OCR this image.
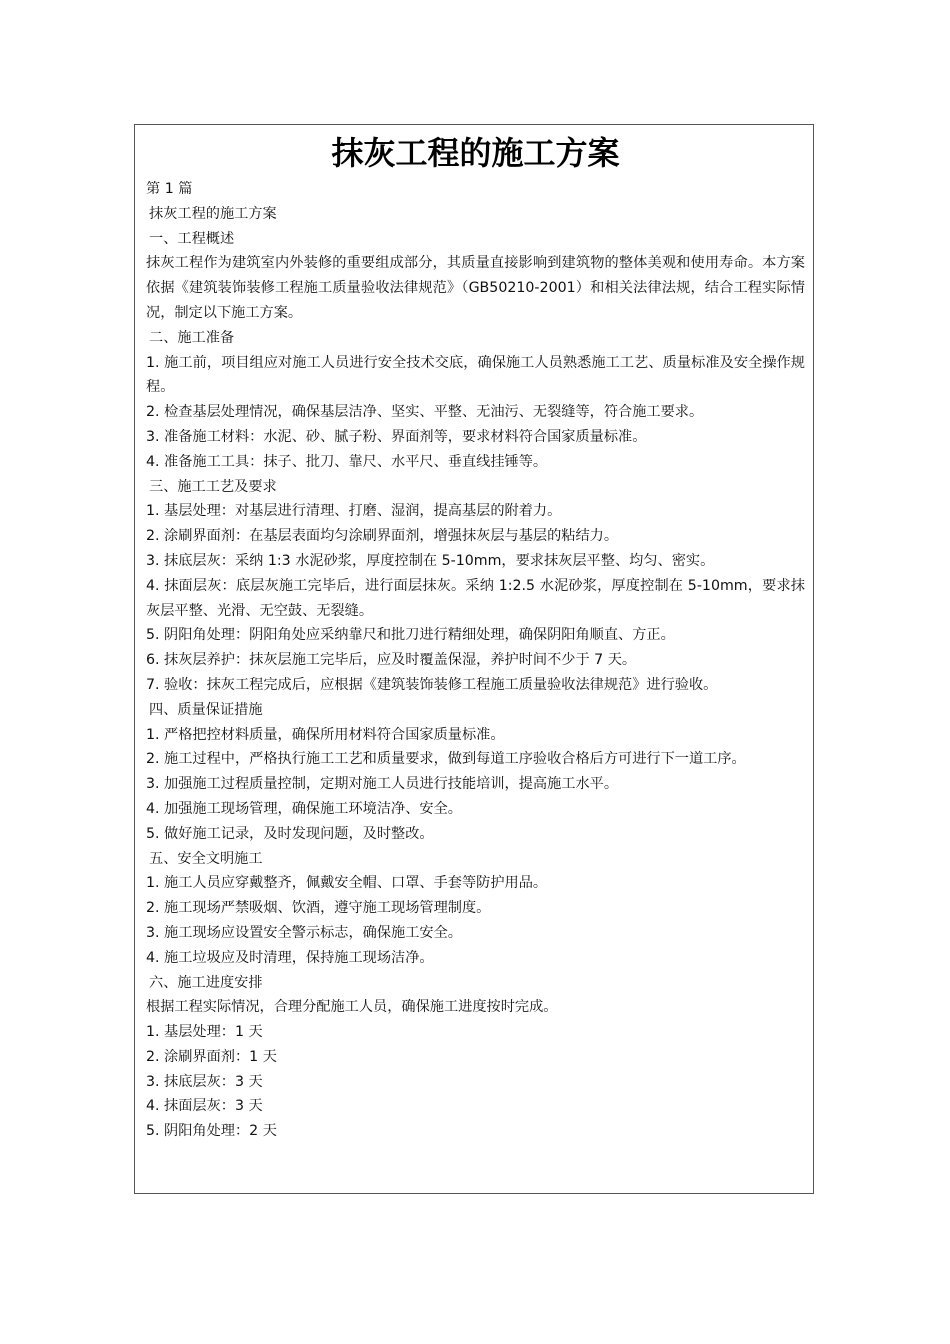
抹灰工程的施工方案

第 1 篇

抹灰工程的施工方案

一、工程概述

抹灰工程作为建筑室内外装修的重要组成部分，其质量直接影响到建筑物的整体美观和使用寿命。本方案依据《建筑装饰装修工程施工质量验收法律规范》（GB50210-2001）和相关法律法规，结合工程实际情况，制定以下施工方案。

二、施工准备

1. 施工前，项目组应对施工人员进行安全技术交底，确保施工人员熟悉施工工艺、质量标准及安全操作规程。

2. 检查基层处理情况，确保基层洁净、坚实、平整、无油污、无裂缝等，符合施工要求。

3. 准备施工材料：水泥、砂、腻子粉、界面剂等，要求材料符合国家质量标准。

4. 准备施工工具：抹子、批刀、靠尺、水平尺、垂直线挂锤等。

三、施工工艺及要求

1. 基层处理：对基层进行清理、打磨、湿润，提高基层的附着力。

2. 涂刷界面剂：在基层表面均匀涂刷界面剂，增强抹灰层与基层的粘结力。

3. 抹底层灰：采纳 1:3 水泥砂浆，厚度控制在 5-10mm，要求抹灰层平整、均匀、密实。

4. 抹面层灰：底层灰施工完毕后，进行面层抹灰。采纳 1:2.5 水泥砂浆，厚度控制在 5-10mm，要求抹灰层平整、光滑、无空鼓、无裂缝。

5. 阴阳角处理：阴阳角处应采纳靠尺和批刀进行精细处理，确保阴阳角顺直、方正。

6. 抹灰层养护：抹灰层施工完毕后，应及时覆盖保湿，养护时间不少于 7 天。

7. 验收：抹灰工程完成后，应根据《建筑装饰装修工程施工质量验收法律规范》进行验收。

四、质量保证措施

1. 严格把控材料质量，确保所用材料符合国家质量标准。

2. 施工过程中，严格执行施工工艺和质量要求，做到每道工序验收合格后方可进行下一道工序。

3. 加强施工过程质量控制，定期对施工人员进行技能培训，提高施工水平。

4. 加强施工现场管理，确保施工环境洁净、安全。

5. 做好施工记录，及时发现问题，及时整改。

五、安全文明施工

1. 施工人员应穿戴整齐，佩戴安全帽、口罩、手套等防护用品。

2. 施工现场严禁吸烟、饮酒，遵守施工现场管理制度。

3. 施工现场应设置安全警示标志，确保施工安全。

4. 施工垃圾应及时清理，保持施工现场洁净。

六、施工进度安排

根据工程实际情况，合理分配施工人员，确保施工进度按时完成。

1. 基层处理：1 天

2. 涂刷界面剂：1 天

3. 抹底层灰：3 天

4. 抹面层灰：3 天

5. 阴阳角处理：2 天
